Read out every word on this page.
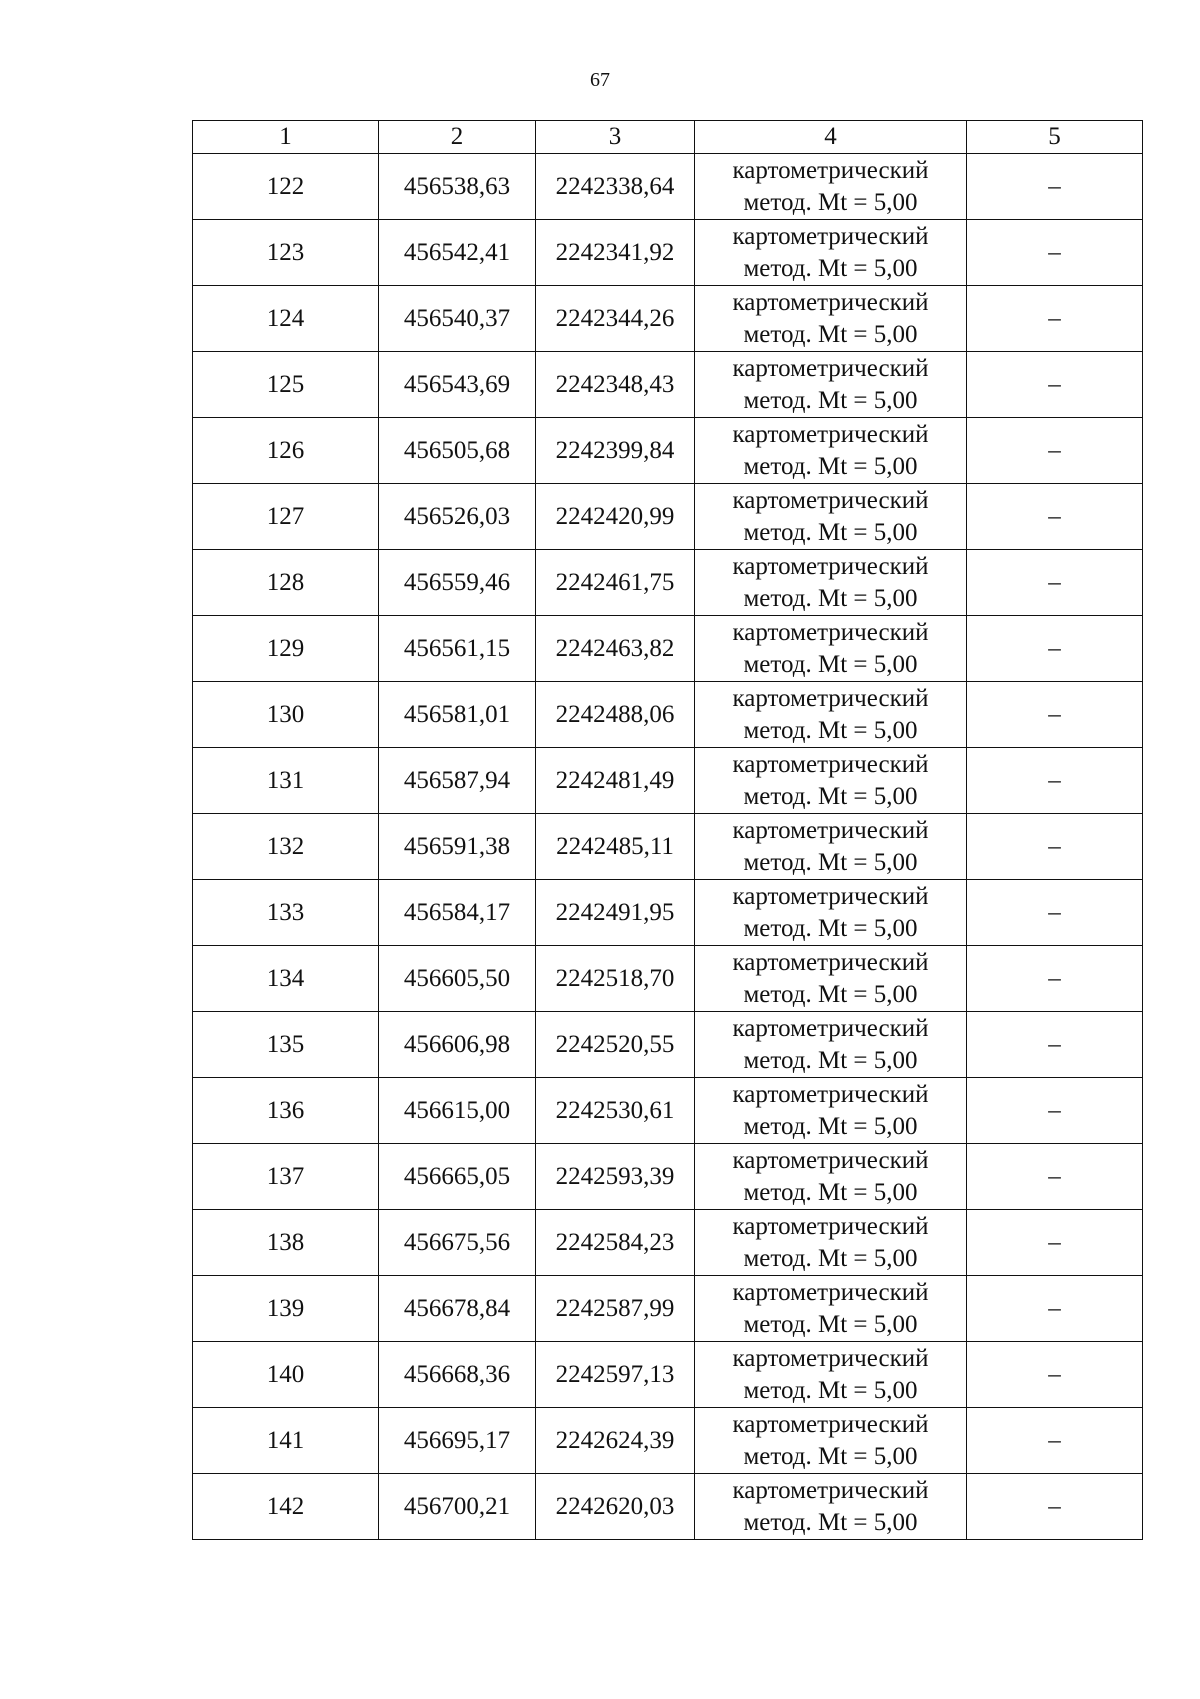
67
1	2	3	4	5
122	456538,63	2242338,64	картометрический
метод. Mt = 5,00	–
123	456542,41	2242341,92	картометрический
метод. Mt = 5,00	–
124	456540,37	2242344,26	картометрический
метод. Mt = 5,00	–
125	456543,69	2242348,43	картометрический
метод. Mt = 5,00	–
126	456505,68	2242399,84	картометрический
метод. Mt = 5,00	–
127	456526,03	2242420,99	картометрический
метод. Mt = 5,00	–
128	456559,46	2242461,75	картометрический
метод. Mt = 5,00	–
129	456561,15	2242463,82	картометрический
метод. Mt = 5,00	–
130	456581,01	2242488,06	картометрический
метод. Mt = 5,00	–
131	456587,94	2242481,49	картометрический
метод. Mt = 5,00	–
132	456591,38	2242485,11	картометрический
метод. Mt = 5,00	–
133	456584,17	2242491,95	картометрический
метод. Mt = 5,00	–
134	456605,50	2242518,70	картометрический
метод. Mt = 5,00	–
135	456606,98	2242520,55	картометрический
метод. Mt = 5,00	–
136	456615,00	2242530,61	картометрический
метод. Mt = 5,00	–
137	456665,05	2242593,39	картометрический
метод. Mt = 5,00	–
138	456675,56	2242584,23	картометрический
метод. Mt = 5,00	–
139	456678,84	2242587,99	картометрический
метод. Mt = 5,00	–
140	456668,36	2242597,13	картометрический
метод. Mt = 5,00	–
141	456695,17	2242624,39	картометрический
метод. Mt = 5,00	–
142	456700,21	2242620,03	картометрический
метод. Mt = 5,00	–
